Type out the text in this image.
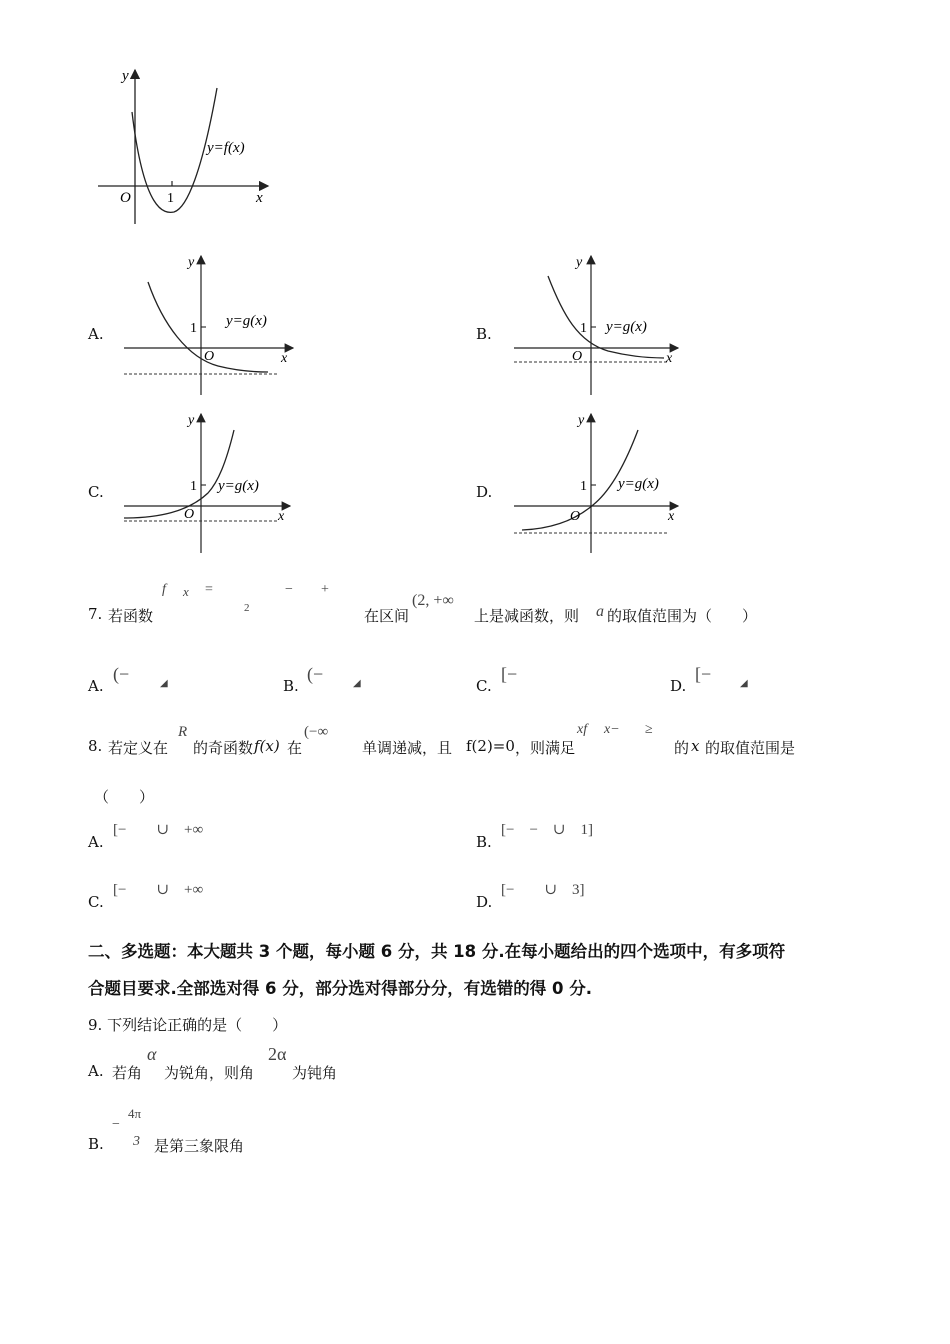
y
x
O	1
y=f(x)
A.
y
x
O
1 y=g(x)
B.
y
x
O
1 y=g(x)
C.
y
x
O
1 y=g(x)	D.
y
x
O
1 y=g(x)
7. 若函数
f x =
2
− +
在区间
(2, +∞
上是减函数，则 a 的取值范围为（　　）
A.
(−	◢	B.
(−	◢	C.
[−
D.
[−	◢
8. 若定义在
R
的奇函数 f(x) 在
(−∞
单调递减，且 f(2)=0 ，则满足
xf x− ≥
的 x 的取值范围是
（　　）
A.
[−　　∪　+∞
B.
[−　−　∪　1]
C.
[−　　∪　+∞
D.
[−　　∪　3]
二、多选题：本大题共 3 个题，每小题 6 分，共 18 分.在每小题给出的四个选项中，有多项符
合题目要求.全部选对得 6 分，部分选对得部分分，有选错的得 0 分.
9. 下列结论正确的是（　　）
A. 若角
α
为锐角，则角
2α
为钝角
B.
−
4π
3 是第三象限角
